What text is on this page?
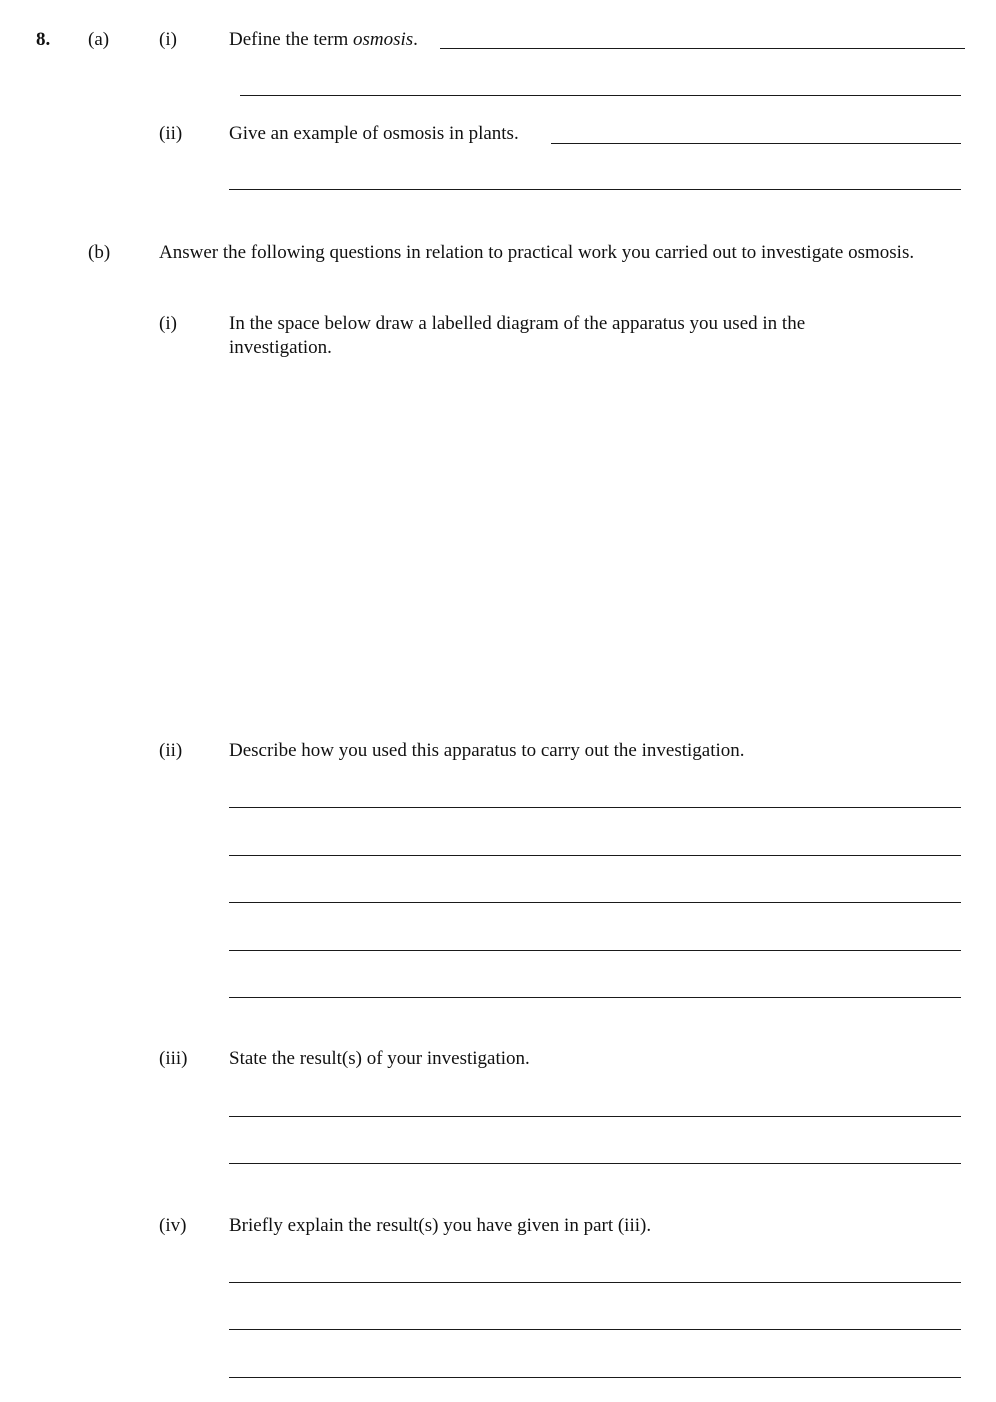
8. (a)	(i)	Define the term osmosis.
(ii) Give an example of osmosis in plants.
(b)	Answer the following questions in relation to practical work you carried out to investigate osmosis.
(i)	In the space below draw a labelled diagram of the apparatus you used in the investigation.
(ii) Describe how you used this apparatus to carry out the investigation.
(iii) State the result(s) of your investigation.
(iv) Briefly explain the result(s) you have given in part (iii).
